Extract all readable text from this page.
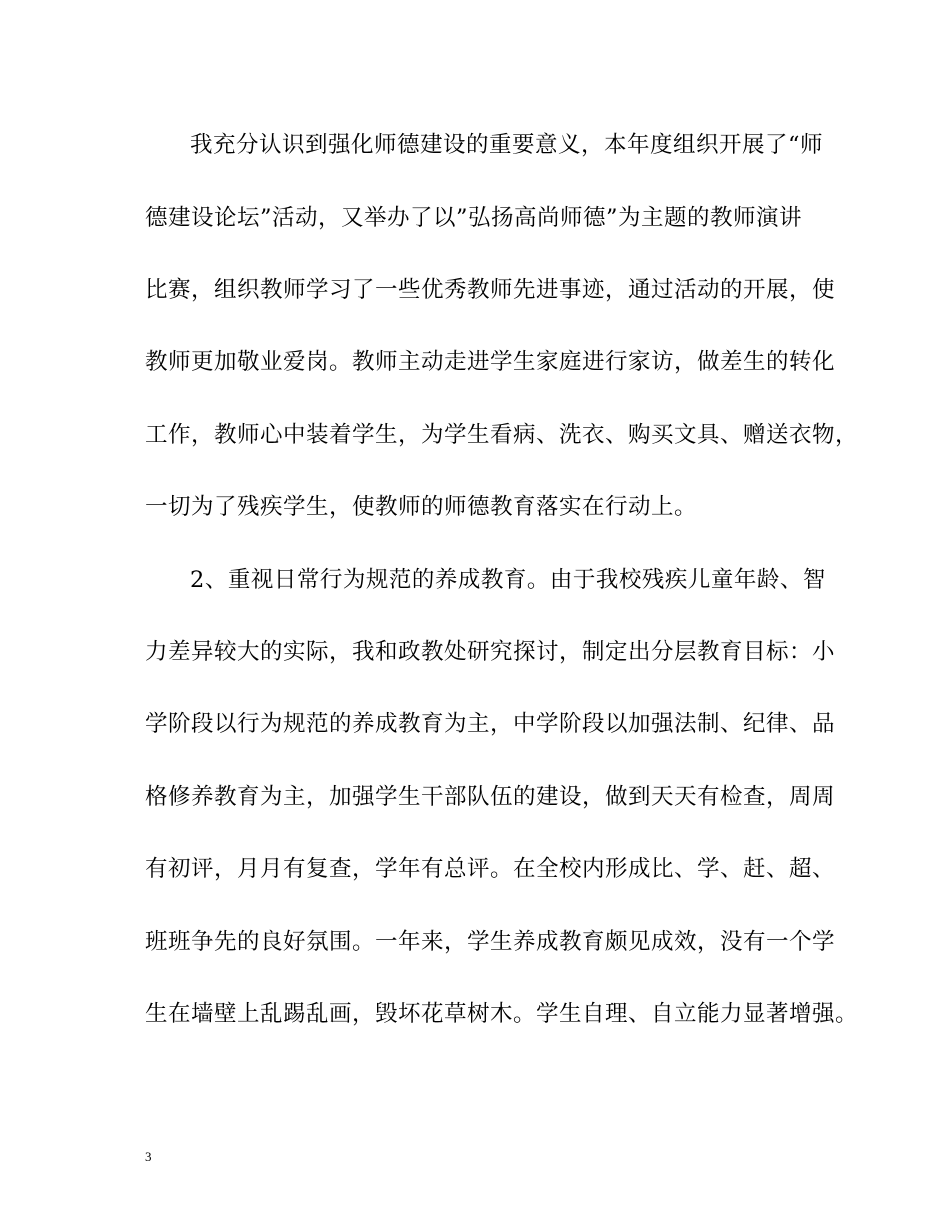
我充分认识到强化师德建设的重要意义，本年度组织开展了“师
德建设论坛”活动，又举办了以”弘扬高尚师德”为主题的教师演讲
比赛，组织教师学习了一些优秀教师先进事迹，通过活动的开展，使
教师更加敬业爱岗。教师主动走进学生家庭进行家访，做差生的转化
工作，教师心中装着学生，为学生看病、洗衣、购买文具、赠送衣物，
一切为了残疾学生，使教师的师德教育落实在行动上。
2、重视日常行为规范的养成教育。由于我校残疾儿童年龄、智
力差异较大的实际，我和政教处研究探讨，制定出分层教育目标：小
学阶段以行为规范的养成教育为主，中学阶段以加强法制、纪律、品
格修养教育为主，加强学生干部队伍的建设，做到天天有检查，周周
有初评，月月有复查，学年有总评。在全校内形成比、学、赶、超、
班班争先的良好氛围。一年来，学生养成教育颇见成效，没有一个学
生在墙壁上乱踢乱画，毁坏花草树木。学生自理、自立能力显著增强。
3
